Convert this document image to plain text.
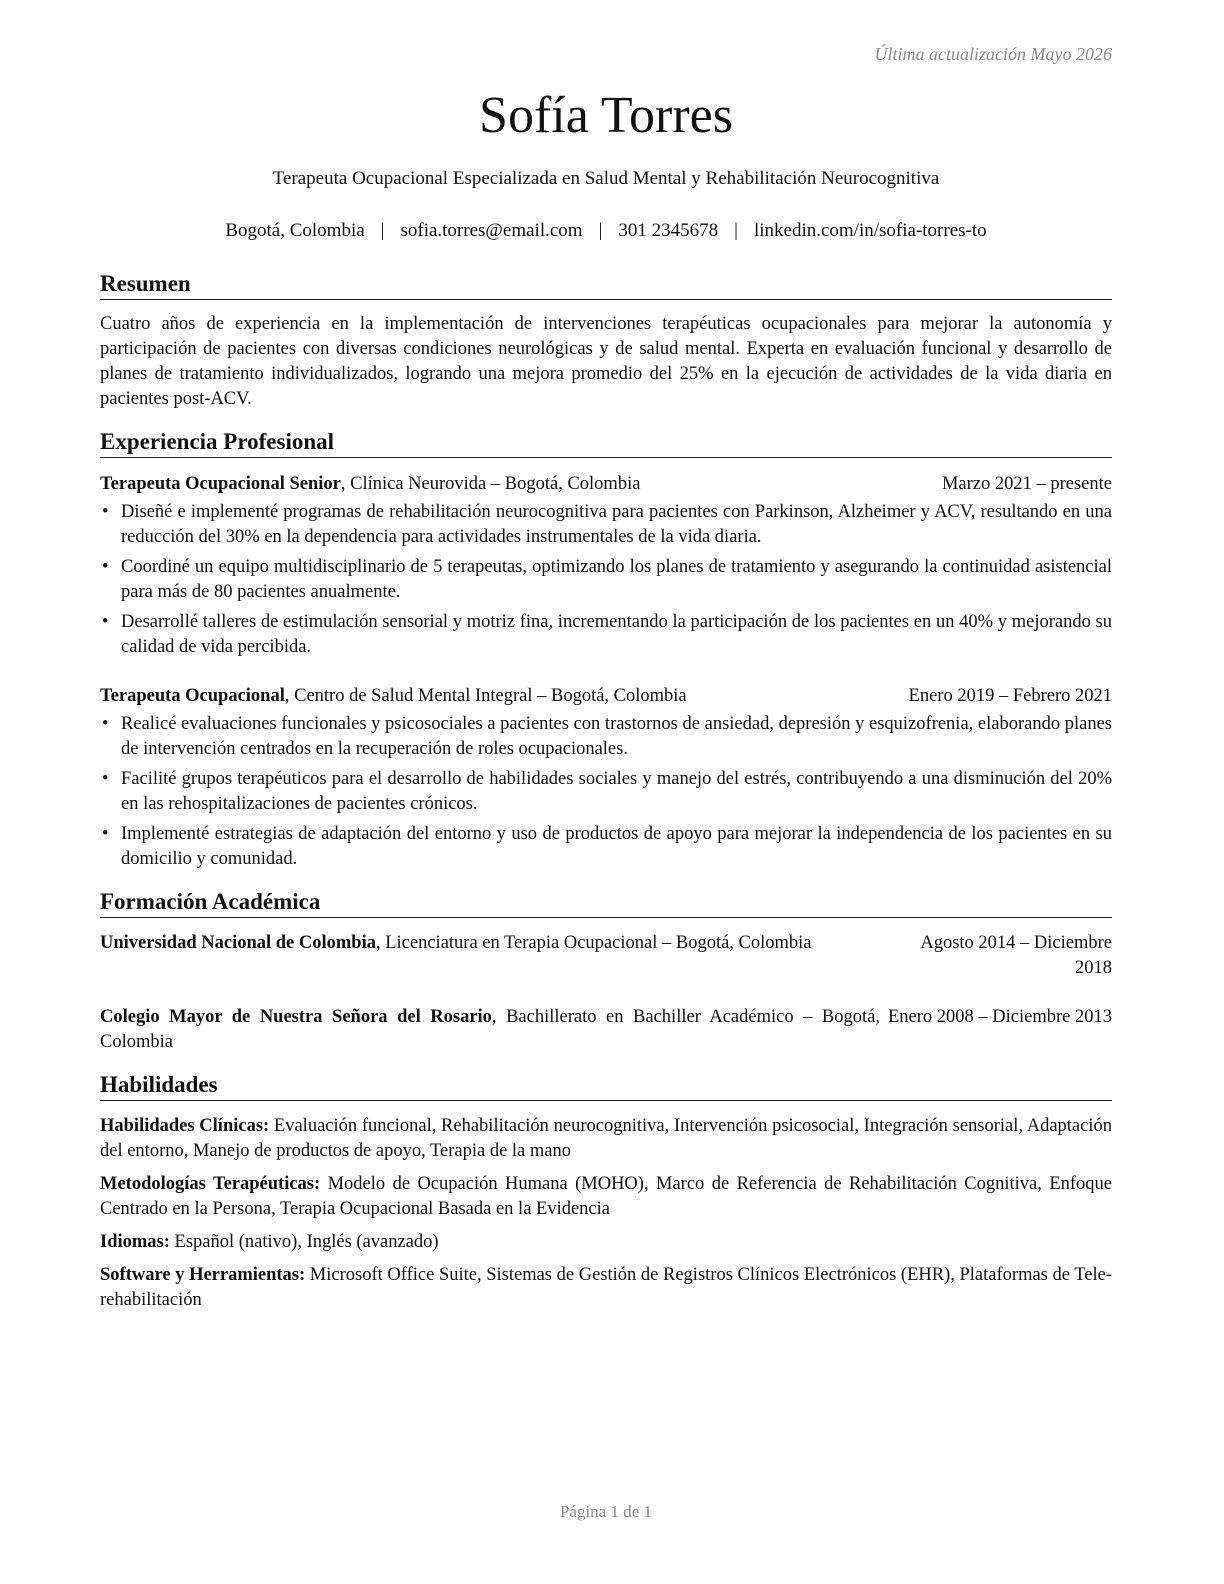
Última actualización Mayo 2026

Sofía Torres

Terapeuta Ocupacional Especializada en Salud Mental y Rehabilitación Neurocognitiva

Bogotá, Colombia | sofia.torres@email.com | 301 2345678 | linkedin.com/in/sofia-torres-to
Resumen

Cuatro años de experiencia en la implementación de intervenciones terapéuticas ocupacionales para mejorar la autonomía y participación de pacientes con diversas condiciones neurológicas y de salud mental. Experta en evaluación funcional y desarrollo de planes de tratamiento individualizados, logrando una mejora promedio del 25% en la ejecución de actividades de la vida diaria en pacientes post-ACV.

Experiencia Profesional
Terapeuta Ocupacional Senior, Clínica Neurovida – Bogotá, Colombia	Marzo 2021 – presente
• Diseñé e implementé programas de rehabilitación neurocognitiva para pacientes con Parkinson, Alzheimer y ACV, resultando en una reducción del 30% en la dependencia para actividades instrumentales de la vida diaria.
• Coordiné un equipo multidisciplinario de 5 terapeutas, optimizando los planes de tratamiento y asegurando la continuidad asistencial para más de 80 pacientes anualmente.
• Desarrollé talleres de estimulación sensorial y motriz fina, incrementando la participación de los pacientes en un 40% y mejorando su calidad de vida percibida.
Terapeuta Ocupacional, Centro de Salud Mental Integral – Bogotá, Colombia	Enero 2019 – Febrero 2021
• Realicé evaluaciones funcionales y psicosociales a pacientes con trastornos de ansiedad, depresión y esquizofrenia, elaborando planes de intervención centrados en la recuperación de roles ocupacionales.
• Facilité grupos terapéuticos para el desarrollo de habilidades sociales y manejo del estrés, contribuyendo a una disminución del 20% en las rehospitalizaciones de pacientes crónicos.
• Implementé estrategias de adaptación del entorno y uso de productos de apoyo para mejorar la independencia de los pacientes en su domicilio y comunidad.
Formación Académica
Universidad Nacional de Colombia, Licenciatura en Terapia Ocupacional – Bogotá, Colombia	Agosto 2014 – Diciembre 2018
Colegio Mayor de Nuestra Señora del Rosario, Bachillerato en Bachiller Académico – Bogotá, Colombia
Enero 2008 – Diciembre 2013
Habilidades

Habilidades Clínicas: Evaluación funcional, Rehabilitación neurocognitiva, Intervención psicosocial, Integración sensorial, Adaptación del entorno, Manejo de productos de apoyo, Terapia de la mano

Metodologías Terapéuticas: Modelo de Ocupación Humana (MOHO), Marco de Referencia de Rehabilitación Cognitiva, Enfoque Centrado en la Persona, Terapia Ocupacional Basada en la Evidencia

Idiomas: Español (nativo), Inglés (avanzado)

Software y Herramientas: Microsoft Office Suite, Sistemas de Gestión de Registros Clínicos Electrónicos (EHR), Plataformas de Tele-rehabilitación

Página 1 de 1
